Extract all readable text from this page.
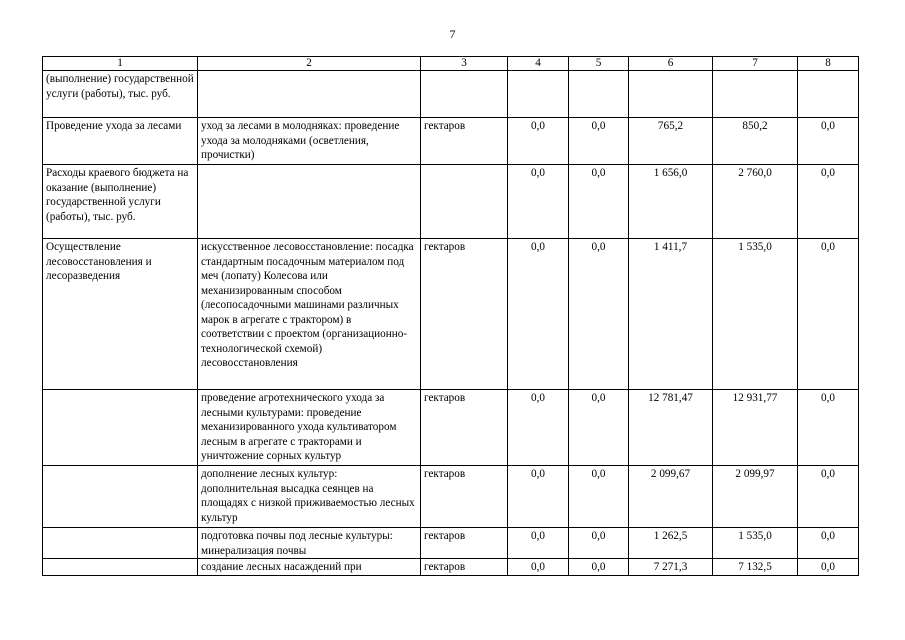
7
1	2	3	4	5	6	7	8
(выполнение) государственной услуги (работы), тыс. руб.							
Проведение ухода за лесами	уход за лесами в молодняках: проведение ухода за молодняками (осветления, прочистки)	гектаров	0,0	0,0	765,2	850,2	0,0
Расходы краевого бюджета на оказание (выполнение) государственной услуги (работы), тыс. руб.			0,0	0,0	1 656,0	2 760,0	0,0
Осуществление лесовосстановления и лесоразведения	искусственное лесовосстановление: посадка стандартным посадочным материалом под меч (лопату) Колесова или механизированным способом (лесопосадочными машинами различных марок в агрегате с трактором) в соответствии с проектом (организационно-технологической схемой) лесовосстановления	гектаров	0,0	0,0	1 411,7	1 535,0	0,0
	проведение агротехнического ухода за лесными культурами: проведение механизированного ухода культиватором лесным в агрегате с тракторами и уничтожение сорных культур	гектаров	0,0	0,0	12 781,47	12 931,77	0,0
	дополнение лесных культур: дополнительная высадка сеянцев на площадях с низкой приживаемостью лесных культур	гектаров	0,0	0,0	2 099,67	2 099,97	0,0
	подготовка почвы под лесные культуры: минерализация почвы	гектаров	0,0	0,0	1 262,5	1 535,0	0,0
	создание лесных насаждений при	гектаров	0,0	0,0	7 271,3	7 132,5	0,0
